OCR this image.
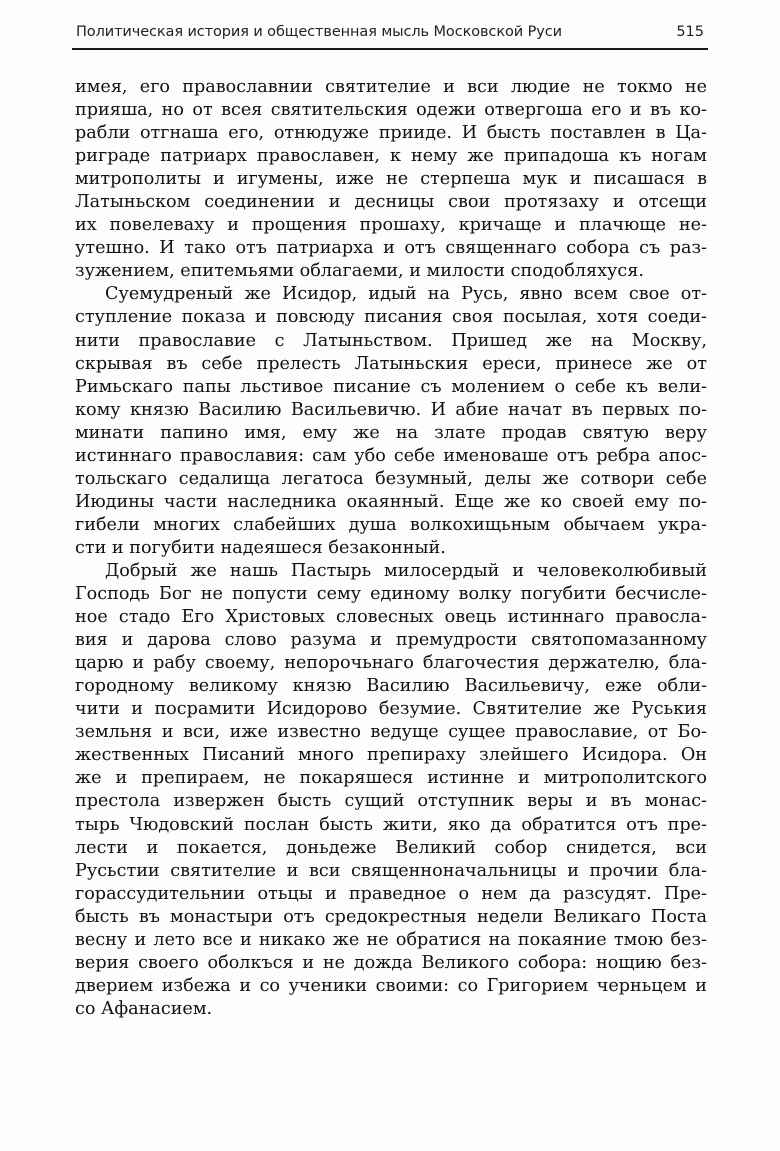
Политическая история и общественная мысль Московской Руси	515
имея, его православнии святителие и вси людие не токмо не
прияша, но от всея святительския одежи отвергоша его и въ ко-
рабли отгнаша его, отнюдуже прииде. И бысть поставлен в Ца-
риграде патриарх православен, к нему же припадоша къ ногам
митрополиты и игумены, иже не стерпеша мук и писашася в
Латыньском соединении и десницы свои протязаху и отсещи
их повелеваху и прощения прошаху, кричаще и плачюще не-
утешно. И тако отъ патриарха и отъ священнаго собора съ раз-
зужением, епитемьями облагаеми, и милости сподобляхуся.
Суемудреный же Исидор, идый на Русь, явно всем свое от-
ступление показа и повсюду писания своя посылая, хотя соеди-
нити православие с Латыньством. Пришед же на Москву,
скрывая въ себе прелесть Латыньския ереси, принесе же от
Римьскаго папы льстивое писание съ молением о себе къ вели-
кому князю Василию Васильевичю. И абие начат въ первых по-
минати папино имя, ему же на злате продав святую веру
истиннаго православия: сам убо себе именоваше отъ ребра апос-
тольскаго седалища легатоса безумный, делы же сотвори себе
Июдины части наследника окаянный. Еще же ко своей ему по-
гибели многих слабейших душа волкохищьным обычаем укра-
сти и погубити надеяшеся безаконный.
Добрый же нашь Пастырь милосердый и человеколюбивый
Господь Бог не попусти сему единому волку погубити бесчисле-
ное стадо Его Христовых словесных овець истиннаго правосла-
вия и дарова слово разума и премудрости святопомазанному
царю и рабу своему, непорочьнаго благочестия держателю, бла-
городному великому князю Василию Васильевичу, еже обли-
чити и посрамити Исидорово безумие. Святителие же Руськия
земльня и вси, иже известно ведуще сущее православие, от Бо-
жественных Писаний много препираху злейшего Исидора. Он
же и препираем, не покаряшеся истинне и митрополитского
престола извержен бысть сущий отступник веры и въ монас-
тырь Чюдовский послан бысть жити, яко да обратится отъ пре-
лести и покается, доньдеже Великий собор снидется, вси
Русьстии святителие и вси священноначальницы и прочии бла-
горассудительнии отьцы и праведное о нем да разсудят. Пре-
бысть въ монастыри отъ средокрестныя недели Великаго Поста
весну и лето все и никако же не обратися на покаяние тмою без-
верия своего оболкъся и не дожда Великого собора: нощию без-
дверием избежа и со ученики своими: со Григорием черньцем и
со Афанасием.
